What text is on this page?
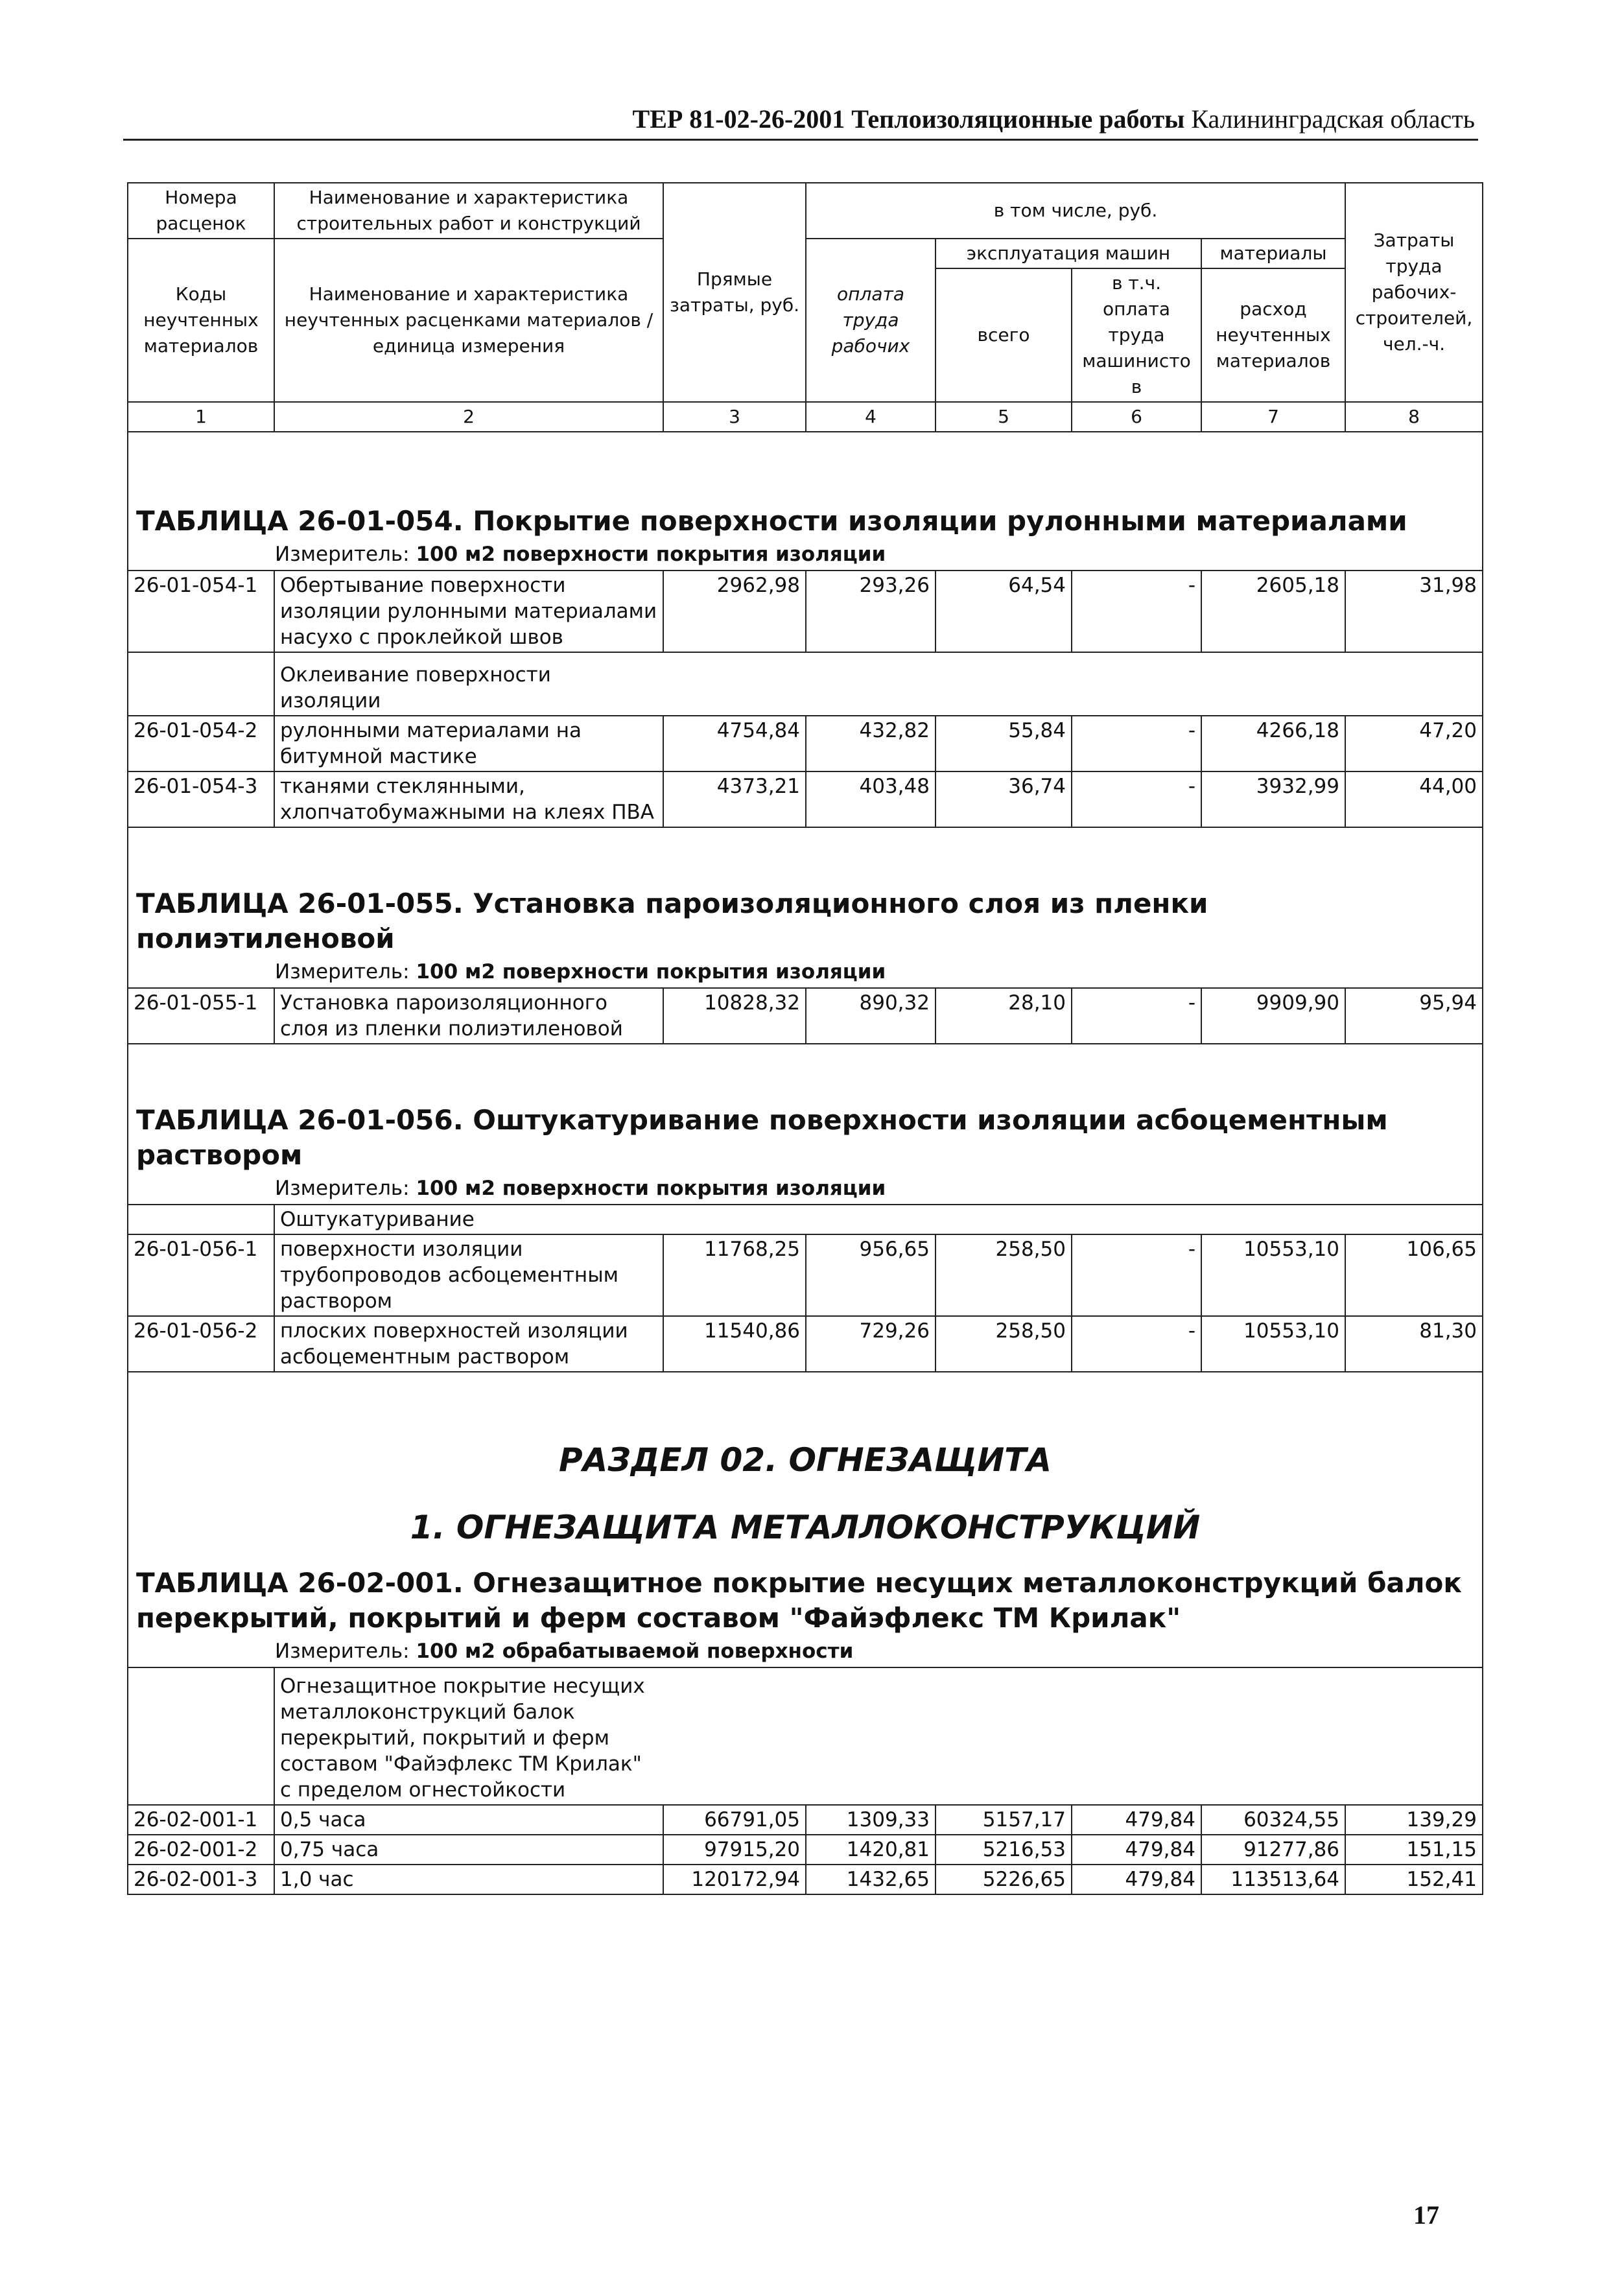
ТЕР 81-02-26-2001 Теплоизоляционные работы Калининградская область
Номера расценок	Наименование и характеристика строительных работ и конструкций	Прямые затраты, руб.	в том числе, руб.				Затраты труда рабочих-строителей, чел.-ч.
Коды неучтенных материалов	Наименование и характеристика неучтенных расценками материалов / единица измерения		оплата труда рабочих	эксплуатация машин		материалы	
				всего	в т.ч. оплата труда машинистов	расход неучтенных материалов	

1	2	3	4	5	6	7	8

ТАБЛИЦА 26-01-054. Покрытие поверхности изоляции рулонными материалами							

Измеритель: 100 м2 поверхности покрытия изоляции							
26-01-054-1	Обертывание поверхности изоляции рулонными материалами насухо с проклейкой швов	2962,98	293,26	64,54	-	2605,18	31,98

	Оклеивание поверхности изоляции						

26-01-054-2	рулонными материалами на битумной мастике	4754,84	432,82	55,84	-	4266,18	47,20
26-01-054-3	тканями стеклянными, хлопчатобумажными на клеях ПВА	4373,21	403,48	36,74	-	3932,99	44,00

ТАБЛИЦА 26-01-055. Установка пароизоляционного слоя из пленки полиэтиленовой							

Измеритель: 100 м2 поверхности покрытия изоляции							
26-01-055-1	Установка пароизоляционного слоя из пленки полиэтиленовой	10828,32	890,32	28,10	-	9909,90	95,94

ТАБЛИЦА 26-01-056. Оштукатуривание поверхности изоляции асбоцементным раствором							

Измеритель: 100 м2 поверхности покрытия изоляции							
	Оштукатуривание						
26-01-056-1	поверхности изоляции трубопроводов асбоцементным раствором	11768,25	956,65	258,50	-	10553,10	106,65
26-01-056-2	плоских поверхностей изоляции асбоцементным раствором	11540,86	729,26	258,50	-	10553,10	81,30

РАЗДЕЛ 02. ОГНЕЗАЩИТА
1. ОГНЕЗАЩИТА МЕТАЛЛОКОНСТРУКЦИЙ							

ТАБЛИЦА 26-02-001. Огнезащитное покрытие несущих металлоконструкций балок перекрытий, покрытий и ферм составом "Файэфлекс ТМ Крилак"							

Измеритель: 100 м2 обрабатываемой поверхности							

	Огнезащитное покрытие несущих металлоконструкций балок перекрытий, покрытий и ферм составом "Файэфлекс ТМ Крилак" с пределом огнестойкости						

26-02-001-1	0,5 часа	66791,05	1309,33	5157,17	479,84	60324,55	139,29
26-02-001-2	0,75 часа	97915,20	1420,81	5216,53	479,84	91277,86	151,15
26-02-001-3	1,0 час	120172,94	1432,65	5226,65	479,84	113513,64	152,41
17
